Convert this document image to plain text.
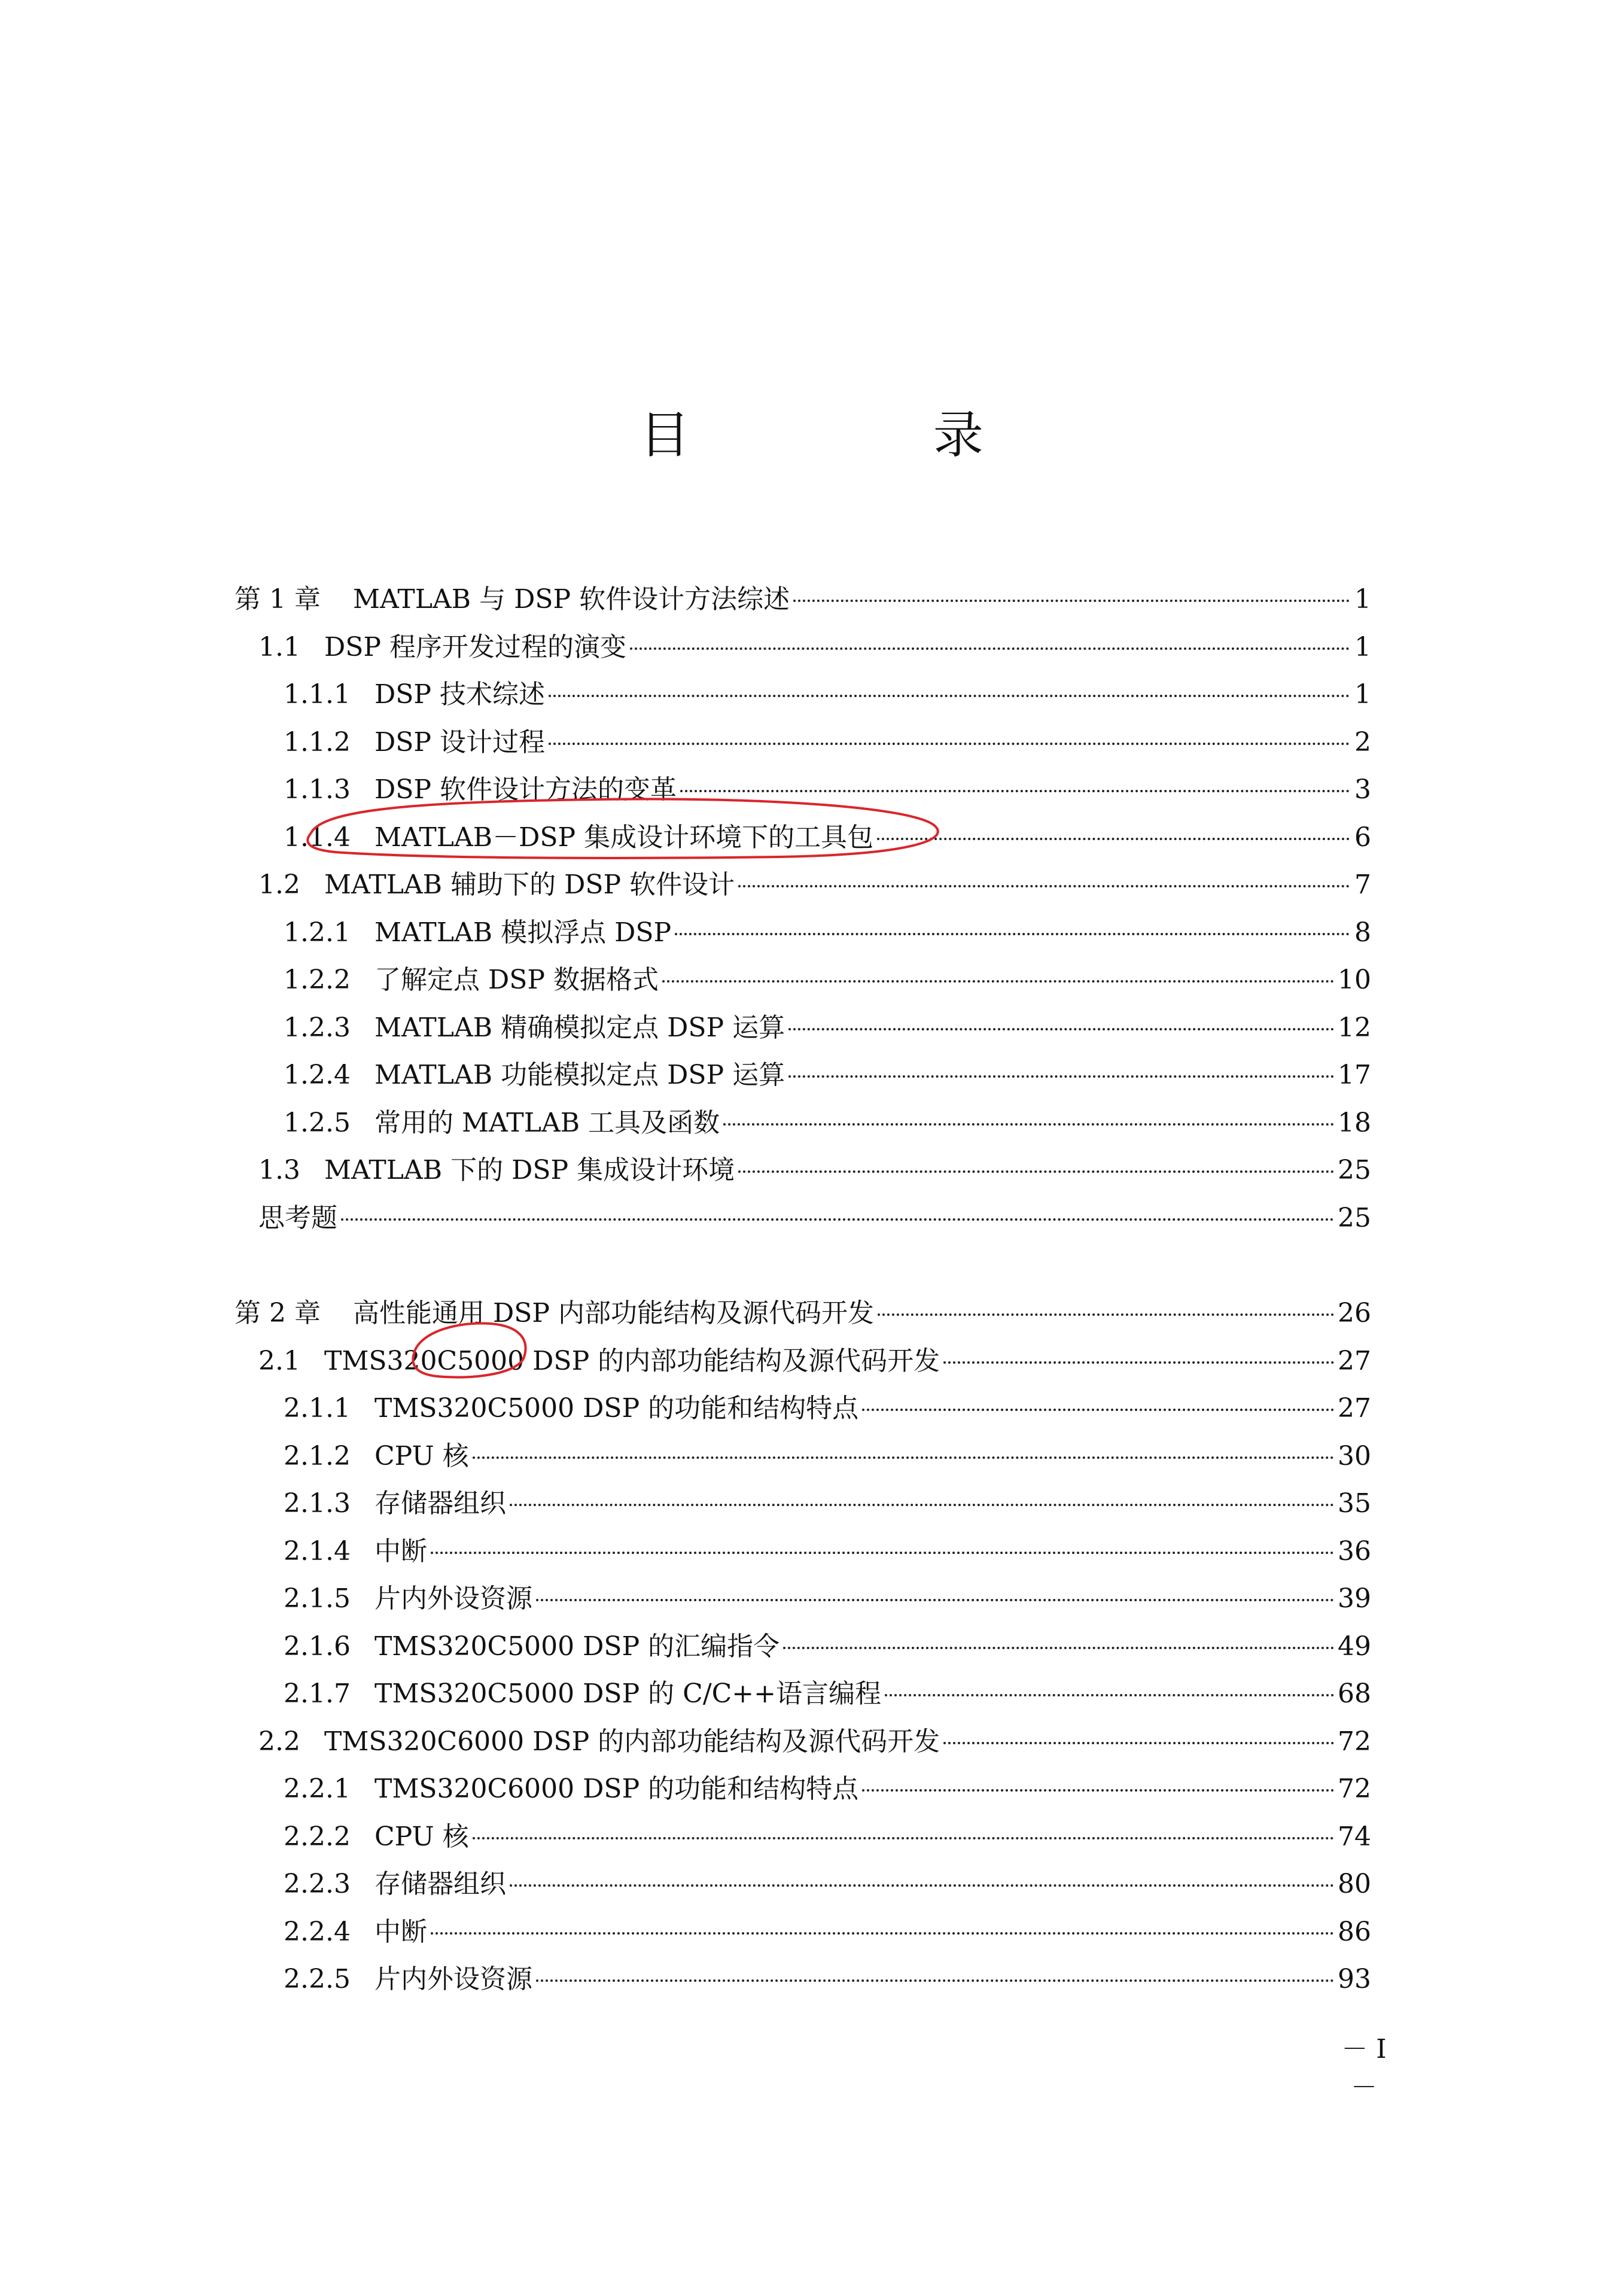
目 录
第 1 章	MATLAB 与 DSP 软件设计方法综述	1
1.1 DSP 程序开发过程的演变	1
1.1.1 DSP 技术综述	1
1.1.2 DSP 设计过程	2
1.1.3 DSP 软件设计方法的变革	3
1.1.4 MATLAB－DSP 集成设计环境下的工具包	6
1.2 MATLAB 辅助下的 DSP 软件设计	7
1.2.1 MATLAB 模拟浮点 DSP	8
1.2.2 了解定点 DSP 数据格式	10
1.2.3 MATLAB 精确模拟定点 DSP 运算	12
1.2.4 MATLAB 功能模拟定点 DSP 运算	17
1.2.5 常用的 MATLAB 工具及函数	18
1.3 MATLAB 下的 DSP 集成设计环境	25
思考题	25
第 2 章	高性能通用 DSP 内部功能结构及源代码开发	26
2.1 TMS320C5000 DSP 的内部功能结构及源代码开发	27
2.1.1 TMS320C5000 DSP 的功能和结构特点	27
2.1.2 CPU 核	30
2.1.3 存储器组织	35
2.1.4 中断	36
2.1.5 片内外设资源	39
2.1.6 TMS320C5000 DSP 的汇编指令	49
2.1.7 TMS320C5000 DSP 的 C/C++语言编程	68
2.2 TMS320C6000 DSP 的内部功能结构及源代码开发	72
2.2.1 TMS320C6000 DSP 的功能和结构特点	72
2.2.2 CPU 核	74
2.2.3 存储器组织	80
2.2.4 中断	86
2.2.5 片内外设资源	93
－ I －
